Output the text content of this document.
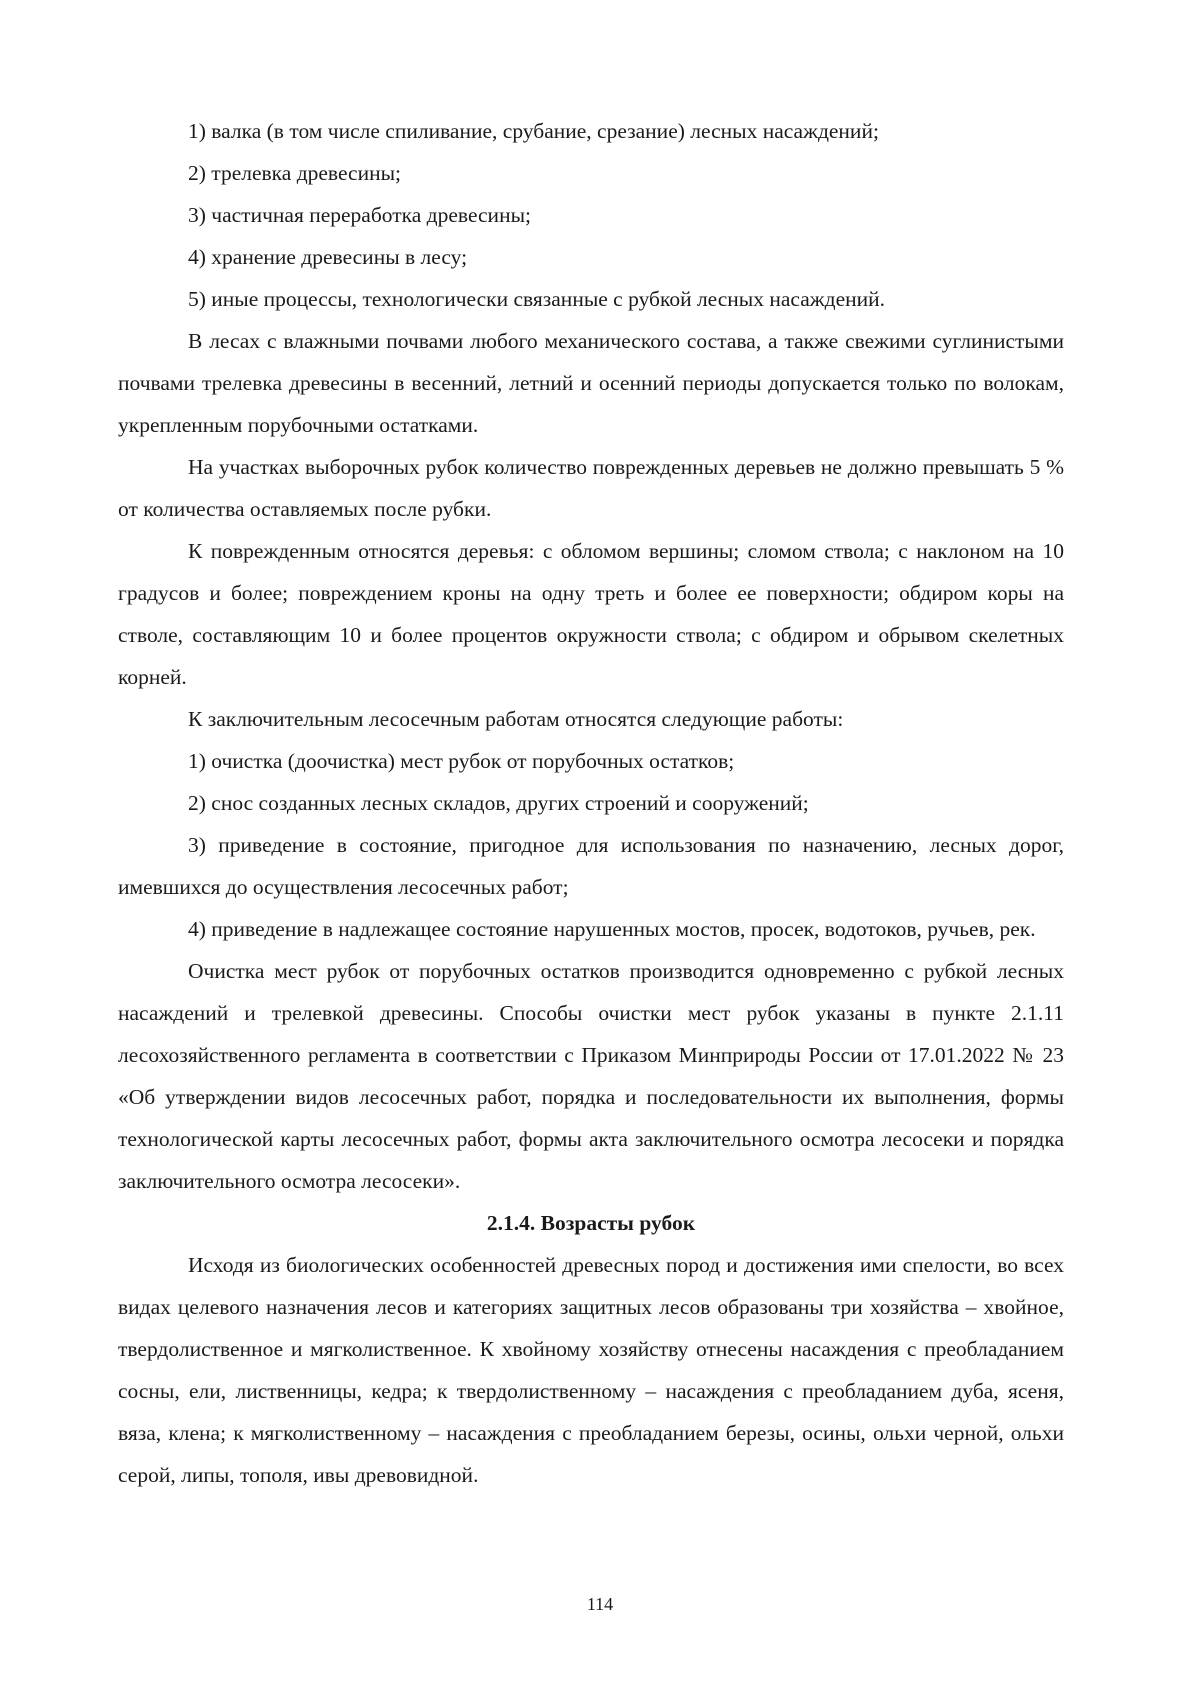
1) валка (в том числе спиливание, срубание, срезание) лесных насаждений;

2) трелевка древесины;

3) частичная переработка древесины;

4) хранение древесины в лесу;

5) иные процессы, технологически связанные с рубкой лесных насаждений.

В лесах с влажными почвами любого механического состава, а также свежими суглинистыми почвами трелевка древесины в весенний, летний и осенний периоды допускается только по волокам, укрепленным порубочными остатками.

На участках выборочных рубок количество поврежденных деревьев не должно превышать 5 % от количества оставляемых после рубки.

К поврежденным относятся деревья: с обломом вершины; сломом ствола; с наклоном на 10 градусов и более; повреждением кроны на одну треть и более ее поверхности; обдиром коры на стволе, составляющим 10 и более процентов окружности ствола; с обдиром и обрывом скелетных корней.

К заключительным лесосечным работам относятся следующие работы:

1) очистка (доочистка) мест рубок от порубочных остатков;

2) снос созданных лесных складов, других строений и сооружений;

3) приведение в состояние, пригодное для использования по назначению, лесных дорог, имевшихся до осуществления лесосечных работ;

4) приведение в надлежащее состояние нарушенных мостов, просек, водотоков, ручьев, рек.

Очистка мест рубок от порубочных остатков производится одновременно с рубкой лесных насаждений и трелевкой древесины. Способы очистки мест рубок указаны в пункте 2.1.11 лесохозяйственного регламента в соответствии с Приказом Минприроды России от 17.01.2022 № 23 «Об утверждении видов лесосечных работ, порядка и последовательности их выполнения, формы технологической карты лесосечных работ, формы акта заключительного осмотра лесосеки и порядка заключительного осмотра лесосеки».

2.1.4. Возрасты рубок

Исходя из биологических особенностей древесных пород и достижения ими спелости, во всех видах целевого назначения лесов и категориях защитных лесов образованы три хозяйства – хвойное, твердолиственное и мягколиственное. К хвойному хозяйству отнесены насаждения с преобладанием сосны, ели, лиственницы, кедра; к твердолиственному – насаждения с преобладанием дуба, ясеня, вяза, клена; к мягколиственному – насаждения с преобладанием березы, осины, ольхи черной, ольхи серой, липы, тополя, ивы древовидной.

114
